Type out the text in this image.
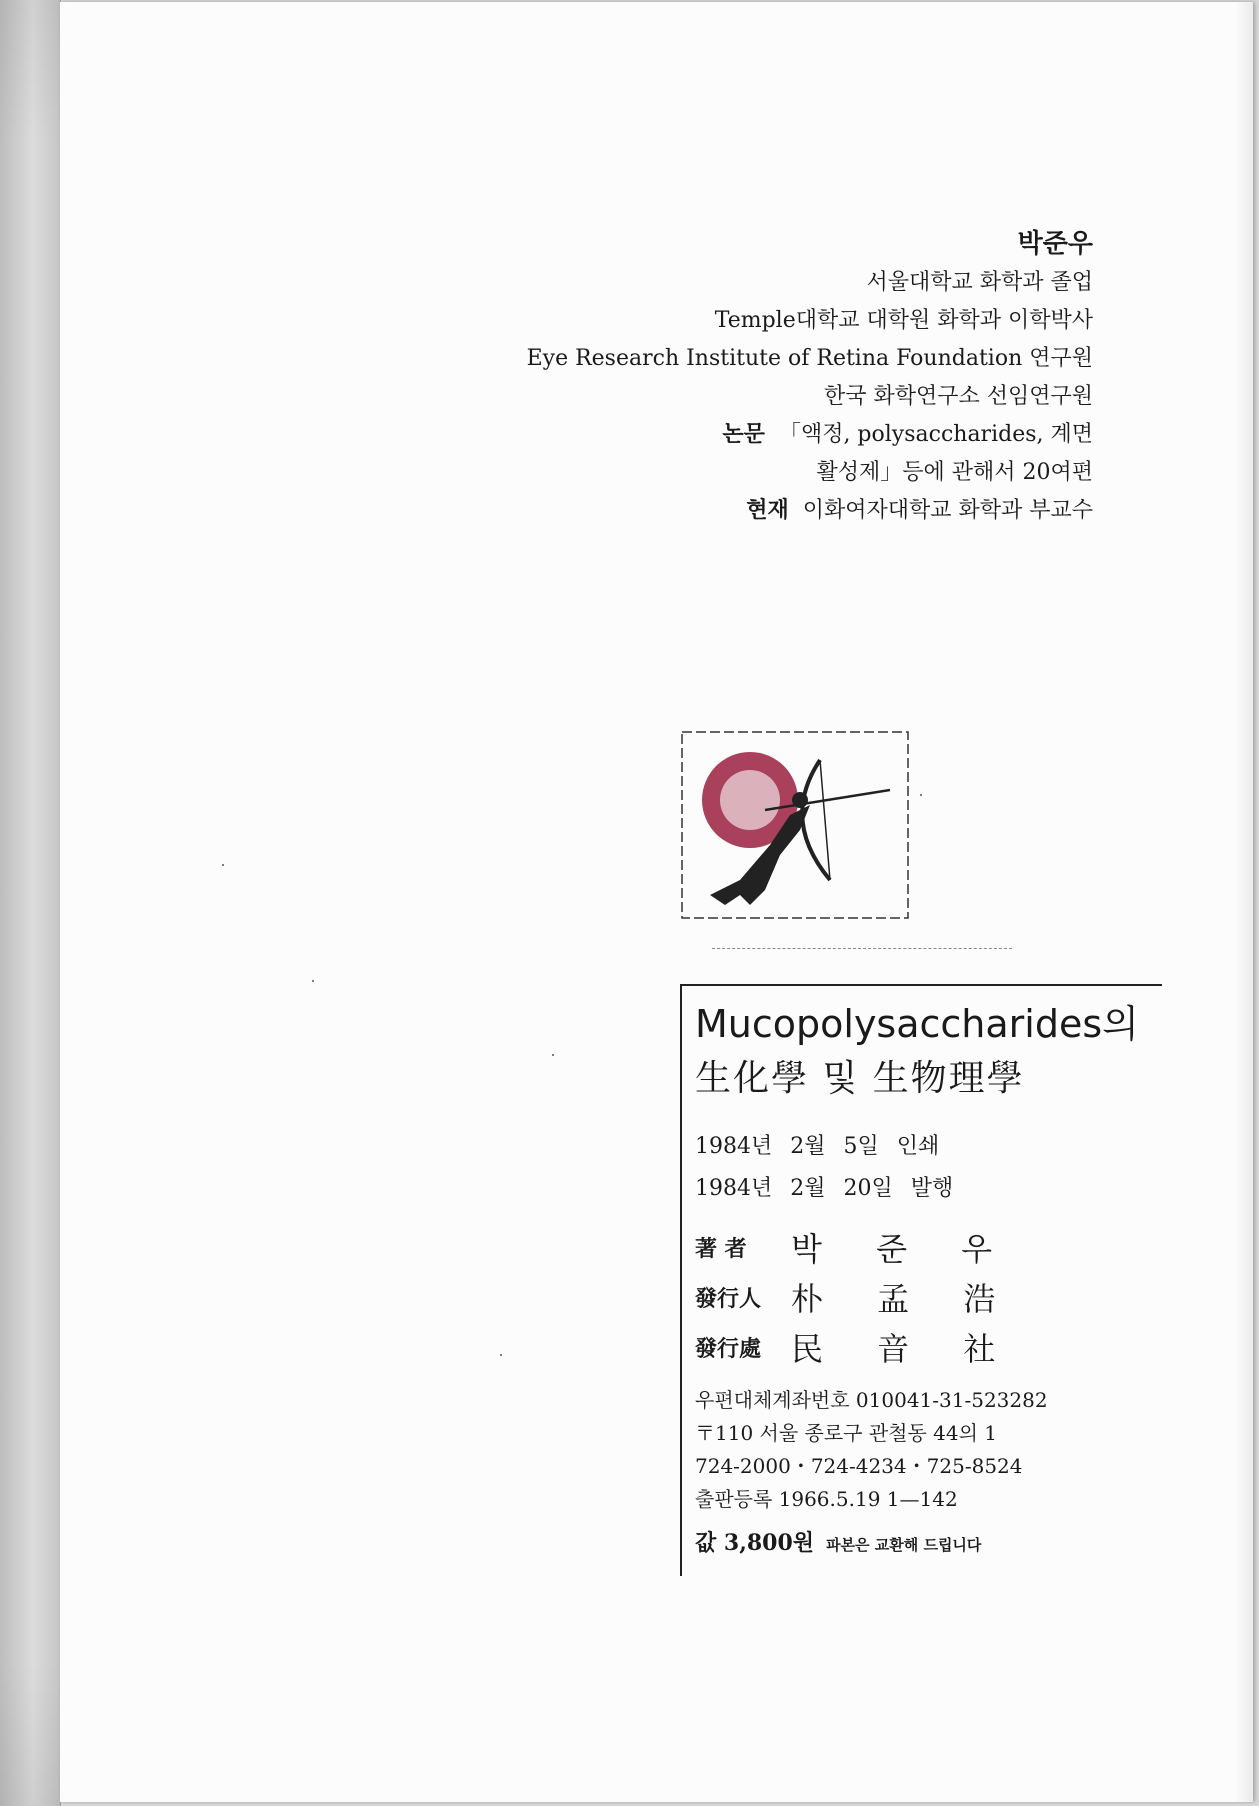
박준우
서울대학교 화학과 졸업
Temple대학교 대학원 화학과 이학박사
Eye Research Institute of Retina Foundation 연구원
한국 화학연구소 선임연구원
논문 「액정, polysaccharides, 계면
활성제」등에 관해서 20여편
현재 이화여자대학교 화학과 부교수
Mucopolysaccharides의
生化學 및 生物理學
1984년 2월 5일 인쇄
1984년 2월 20일 발행
著 者	박 준 우
發行人 朴 孟 浩
發行處 民 音 社
우편대체계좌번호 010041-31-523282
〒110 서울 종로구 관철동 44의 1
724-2000・724-4234・725-8524
출판등록 1966.5.19 1—142
값 3,800원 파본은 교환해 드립니다
